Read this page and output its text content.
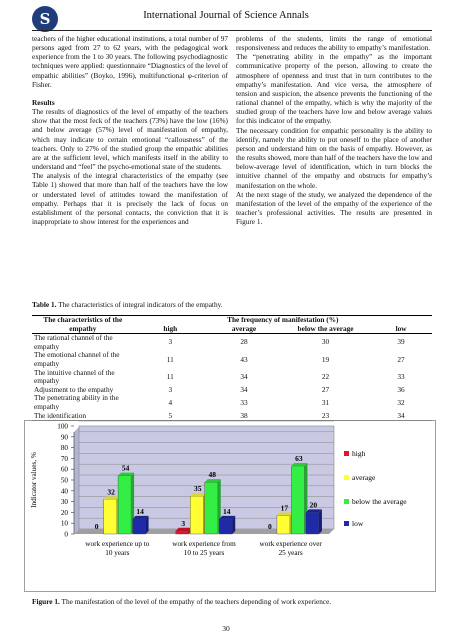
S	International Journal of Science Annals

teachers of the higher educational institutions, a total number of 97 persons aged from 27 to 62 years, with the pedagogical work experience from the 1 to 30 years. The following psychodiagnostic techniques were applied: questionnaire “Diagnostics of the level of empathic abilities” (Boyko, 1996), multifunctional φ-criterion of Fisher.

Results

The results of diagnostics of the level of empathy of the teachers show that the most feck of the teachers (73%) have the low (16%) and below average (57%) level of manifestation of empathy, which may indicate to certain emotional “callousness” of the teachers. Only to 27% of the studied group the empathic abilities are at the sufficient level, which manifests itself in the ability to understand and “feel” the psycho-emotional state of the students.

The analysis of the integral characteristics of the empathy (see Table 1) showed that more than half of the teachers have the low or understated level of attitudes toward the manifestation of empathy. Perhaps that it is precisely the lack of focus on establishment of the personal contacts, the conviction that it is inappropriate to show interest for the experiences and

problems of the students, limits the range of emotional responsiveness and reduces the ability to empathy’s manifestation.

The “penetrating ability in the empathy” as the important communicative property of the person, allowing to create the atmosphere of openness and trust that in turn contributes to the empathy’s manifestation. And vice versa, the atmosphere of tension and suspicion, the absence prevents the functioning of the rational channel of the empathy, which is why the majority of the studied group of the teachers have low and below average values for this indicator of the empathy.

The necessary condition for empathic personality is the ability to identify, namely the ability to put oneself to the place of another person and understand him on the basis of empathy. However, as the results showed, more than half of the teachers have the low and below-average level of identification, which in turn blocks the intuitive channel of the empathy and obstructs for empathy’s manifestation on the whole.

At the next stage of the study, we analyzed the dependence of the manifestation of the level of the empathy of the experience of the teacher’s professional activities. The results are presented in Figure 1.

Table 1. The characteristics of integral indicators of the empathy.
The characteristics of the empathy	The frequency of manifestation (%)			
	high	average	below the average	low
The rational channel of the empathy	3	28	30	39
The emotional channel of the empathy	11	43	19	27
The intuitive channel of the empathy	11	34	22	33
Adjustment to the empathy	3	34	27	36
The penetrating ability in the empathy	4	33	31	32
The identification	5	38	23	34
0
10
20
30
40
50
60
70
80
90
100
Indicator values, %
0
32
54
14
work experience up to
10 years
3
35
48
14
work experience from
10 to 25 years
0
17
63
20
work experience over
25 years
high
average
below the average
low
Figure 1. The manifestation of the level of the empathy of the teachers depending of work experience.
30
